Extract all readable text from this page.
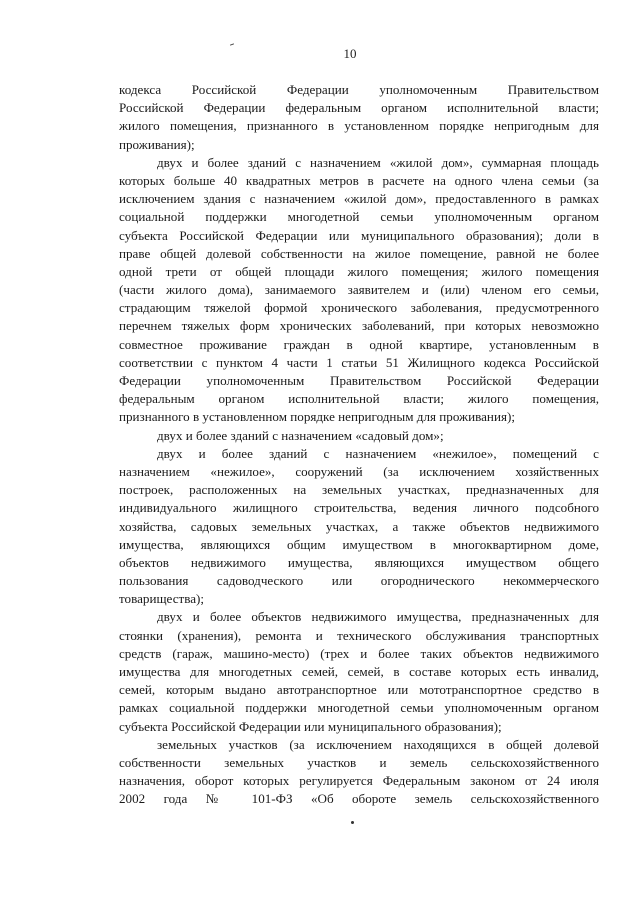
10
кодекса Российской Федерации уполномоченным Правительством
Российской Федерации федеральным органом исполнительной власти;
жилого помещения, признанного в установленном порядке непригодным для
проживания);
двух и более зданий с назначением «жилой дом», суммарная площадь
которых больше 40 квадратных метров в расчете на одного члена семьи (за
исключением здания с назначением «жилой дом», предоставленного в рамках
социальной поддержки многодетной семьи уполномоченным органом
субъекта Российской Федерации или муниципального образования); доли в
праве общей долевой собственности на жилое помещение, равной не более
одной трети от общей площади жилого помещения; жилого помещения
(части жилого дома), занимаемого заявителем и (или) членом его семьи,
страдающим тяжелой формой хронического заболевания, предусмотренного
перечнем тяжелых форм хронических заболеваний, при которых невозможно
совместное проживание граждан в одной квартире, установленным в
соответствии с пунктом 4 части 1 статьи 51 Жилищного кодекса Российской
Федерации уполномоченным Правительством Российской Федерации
федеральным органом исполнительной власти; жилого помещения,
признанного в установленном порядке непригодным для проживания);
двух и более зданий с назначением «садовый дом»;
двух и более зданий с назначением «нежилое», помещений с
назначением «нежилое», сооружений (за исключением хозяйственных
построек, расположенных на земельных участках, предназначенных для
индивидуального жилищного строительства, ведения личного подсобного
хозяйства, садовых земельных участках, а также объектов недвижимого
имущества, являющихся общим имуществом в многоквартирном доме,
объектов недвижимого имущества, являющихся имуществом общего
пользования садоводческого или огороднического некоммерческого
товарищества);
двух и более объектов недвижимого имущества, предназначенных для
стоянки (хранения), ремонта и технического обслуживания транспортных
средств (гараж, машино-место) (трех и более таких объектов недвижимого
имущества для многодетных семей, семей, в составе которых есть инвалид,
семей, которым выдано автотранспортное или мототранспортное средство в
рамках социальной поддержки многодетной семьи уполномоченным органом
субъекта Российской Федерации или муниципального образования);
земельных участков (за исключением находящихся в общей долевой
собственности земельных участков и земель сельскохозяйственного
назначения, оборот которых регулируется Федеральным законом от 24 июля
2002 года № 101-ФЗ «Об обороте земель сельскохозяйственного
